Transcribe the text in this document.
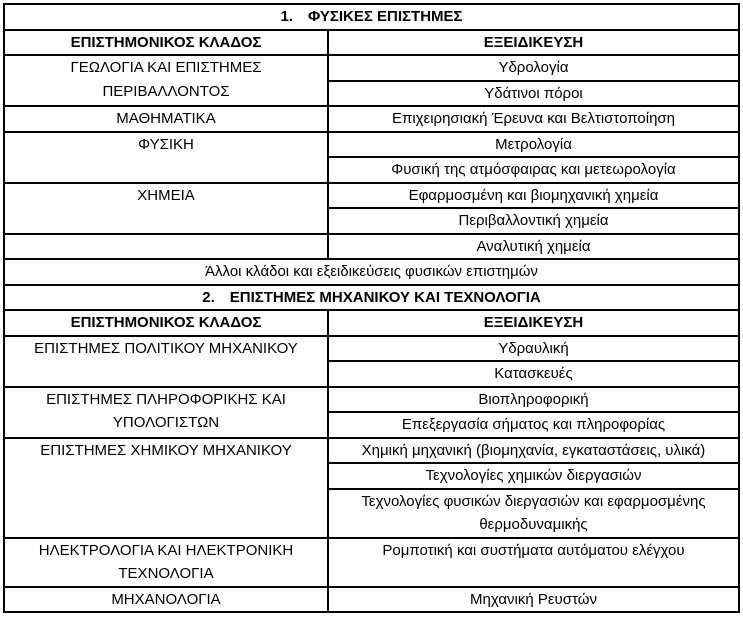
1. ΦΥΣΙΚΕΣ ΕΠΙΣΤΗΜΕΣ	
ΕΠΙΣΤΗΜΟΝΙΚΟΣ ΚΛΑΔΟΣ	ΕΞΕΙΔΙΚΕΥΣΗ
ΓΕΩΛΟΓΙΑ ΚΑΙ ΕΠΙΣΤΗΜΕΣ ΠΕΡΙΒΑΛΛΟΝΤΟΣ	Υδρολογία
	Υδάτινοι πόροι
ΜΑΘΗΜΑΤΙΚΑ	Επιχειρησιακή Έρευνα και Βελτιστοποίηση
ΦΥΣΙΚΗ	Μετρολογία
	Φυσική της ατμόσφαιρας και μετεωρολογία
ΧΗΜΕΙΑ	Εφαρμοσμένη και βιομηχανική χημεία
	Περιβαλλοντική χημεία
	Αναλυτική χημεία
Άλλοι κλάδοι και εξειδικεύσεις φυσικών επιστημών	
2. ΕΠΙΣΤΗΜΕΣ ΜΗΧΑΝΙΚΟΥ ΚΑΙ ΤΕΧΝΟΛΟΓΙΑ	
ΕΠΙΣΤΗΜΟΝΙΚΟΣ ΚΛΑΔΟΣ	ΕΞΕΙΔΙΚΕΥΣΗ
ΕΠΙΣΤΗΜΕΣ ΠΟΛΙΤΙΚΟΥ ΜΗΧΑΝΙΚΟΥ	Υδραυλική
	Κατασκευές
ΕΠΙΣΤΗΜΕΣ ΠΛΗΡΟΦΟΡΙΚΗΣ ΚΑΙ ΥΠΟΛΟΓΙΣΤΩΝ	Βιοπληροφορική
	Επεξεργασία σήματος και πληροφορίας
ΕΠΙΣΤΗΜΕΣ ΧΗΜΙΚΟΥ ΜΗΧΑΝΙΚΟΥ	Χημική μηχανική (βιομηχανία, εγκαταστάσεις, υλικά)
	Τεχνολογίες χημικών διεργασιών
	Τεχνολογίες φυσικών διεργασιών και εφαρμοσμένης θερμοδυναμικής
ΗΛΕΚΤΡΟΛΟΓΙΑ ΚΑΙ ΗΛΕΚΤΡΟΝΙΚΗ ΤΕΧΝΟΛΟΓΙΑ	Ρομποτική και συστήματα αυτόματου ελέγχου
ΜΗΧΑΝΟΛΟΓΙΑ	Μηχανική Ρευστών
